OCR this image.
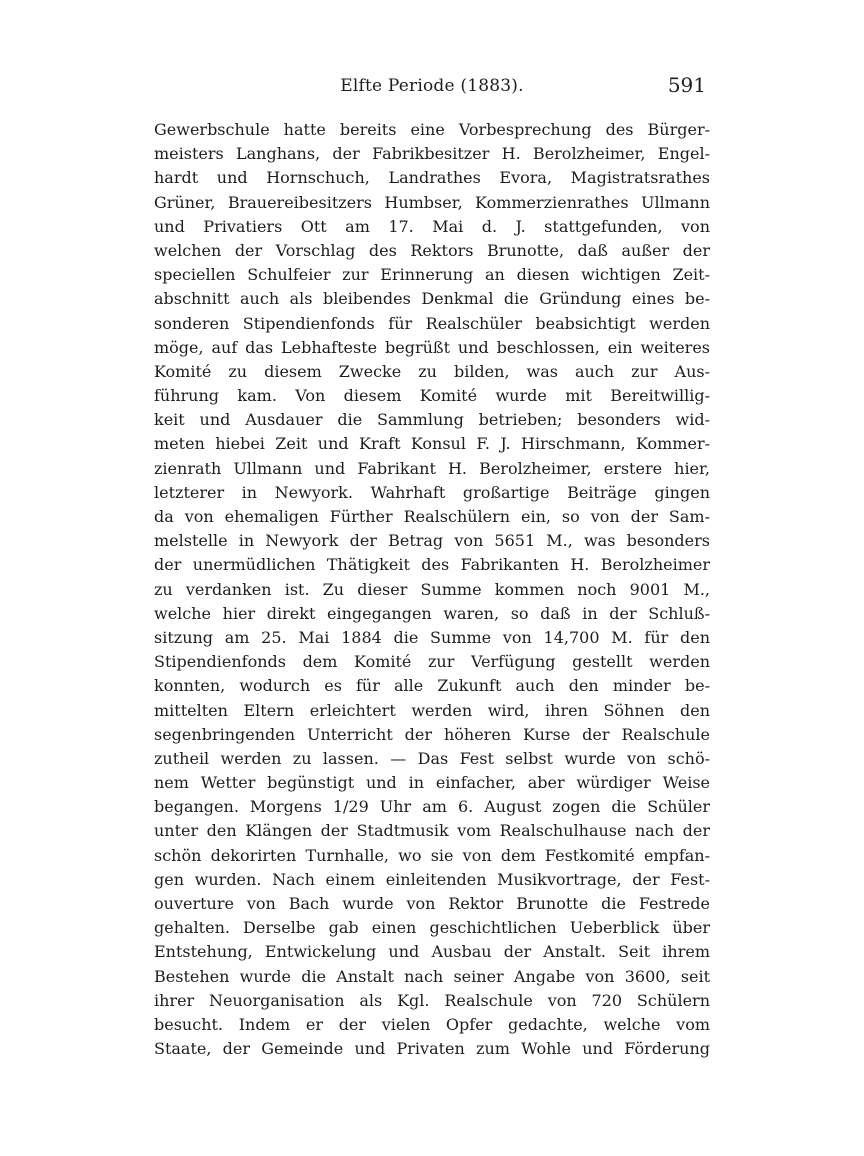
Elfte Periode (1883).	591
Gewerbschule hatte bereits eine Vorbesprechung des Bürger-
meisters Langhans, der Fabrikbesitzer H. Berolzheimer, Engel-
hardt und Hornschuch, Landrathes Evora, Magistratsrathes
Grüner, Brauereibesitzers Humbser, Kommerzienrathes Ullmann
und Privatiers Ott am 17. Mai d. J. stattgefunden, von
welchen der Vorschlag des Rektors Brunotte, daß außer der
speciellen Schulfeier zur Erinnerung an diesen wichtigen Zeit-
abschnitt auch als bleibendes Denkmal die Gründung eines be-
sonderen Stipendienfonds für Realschüler beabsichtigt werden
möge, auf das Lebhafteste begrüßt und beschlossen, ein weiteres
Komité zu diesem Zwecke zu bilden, was auch zur Aus-
führung kam. Von diesem Komité wurde mit Bereitwillig-
keit und Ausdauer die Sammlung betrieben; besonders wid-
meten hiebei Zeit und Kraft Konsul F. J. Hirschmann, Kommer-
zienrath Ullmann und Fabrikant H. Berolzheimer, erstere hier,
letzterer in Newyork. Wahrhaft großartige Beiträge gingen
da von ehemaligen Fürther Realschülern ein, so von der Sam-
melstelle in Newyork der Betrag von 5651 M., was besonders
der unermüdlichen Thätigkeit des Fabrikanten H. Berolzheimer
zu verdanken ist. Zu dieser Summe kommen noch 9001 M.,
welche hier direkt eingegangen waren, so daß in der Schluß-
sitzung am 25. Mai 1884 die Summe von 14,700 M. für den
Stipendienfonds dem Komité zur Verfügung gestellt werden
konnten, wodurch es für alle Zukunft auch den minder be-
mittelten Eltern erleichtert werden wird, ihren Söhnen den
segenbringenden Unterricht der höheren Kurse der Realschule
zutheil werden zu lassen. — Das Fest selbst wurde von schö-
nem Wetter begünstigt und in einfacher, aber würdiger Weise
begangen. Morgens 1/29 Uhr am 6. August zogen die Schüler
unter den Klängen der Stadtmusik vom Realschulhause nach der
schön dekorirten Turnhalle, wo sie von dem Festkomité empfan-
gen wurden. Nach einem einleitenden Musikvortrage, der Fest-
ouverture von Bach wurde von Rektor Brunotte die Festrede
gehalten. Derselbe gab einen geschichtlichen Ueberblick über
Entstehung, Entwickelung und Ausbau der Anstalt. Seit ihrem
Bestehen wurde die Anstalt nach seiner Angabe von 3600, seit
ihrer Neuorganisation als Kgl. Realschule von 720 Schülern
besucht. Indem er der vielen Opfer gedachte, welche vom
Staate, der Gemeinde und Privaten zum Wohle und Förderung
